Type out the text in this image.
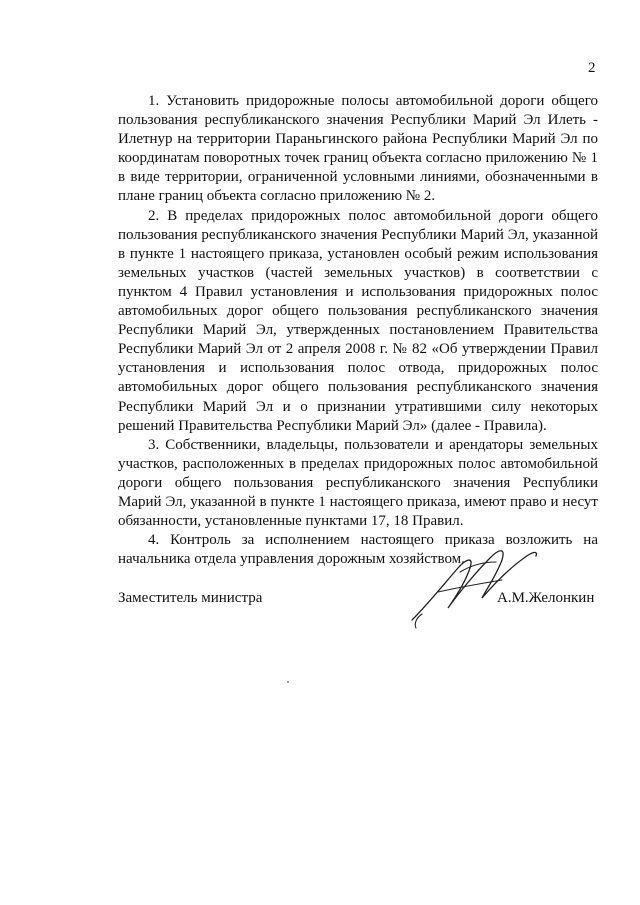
2

1. Установить придорожные полосы автомобильной дороги общего пользования республиканского значения Республики Марий Эл Илеть - Илетнур на территории Параньгинского района Республики Марий Эл по координатам поворотных точек границ объекта согласно приложению № 1 в виде территории, ограниченной условными линиями, обозначенными в плане границ объекта согласно приложению № 2.

2. В пределах придорожных полос автомобильной дороги общего пользования республиканского значения Республики Марий Эл, указанной в пункте 1 настоящего приказа, установлен особый режим использования земельных участков (частей земельных участков) в соответствии с пунктом 4 Правил установления и использования придорожных полос автомобильных дорог общего пользования республиканского значения Республики Марий Эл, утвержденных постановлением Правительства Республики Марий Эл от 2 апреля 2008 г. № 82 «Об утверждении Правил установления и использования полос отвода, придорожных полос автомобильных дорог общего пользования республиканского значения Республики Марий Эл и о признании утратившими силу некоторых решений Правительства Республики Марий Эл» (далее - Правила).

3. Собственники, владельцы, пользователи и арендаторы земельных участков, расположенных в пределах придорожных полос автомобильной дороги общего пользования республиканского значения Республики Марий Эл, указанной в пункте 1 настоящего приказа, имеют право и несут обязанности, установленные пунктами 17, 18 Правил.

4. Контроль за исполнением настоящего приказа возложить на начальника отдела управления дорожным хозяйством.

Заместитель министра	А.М.Желонкин
